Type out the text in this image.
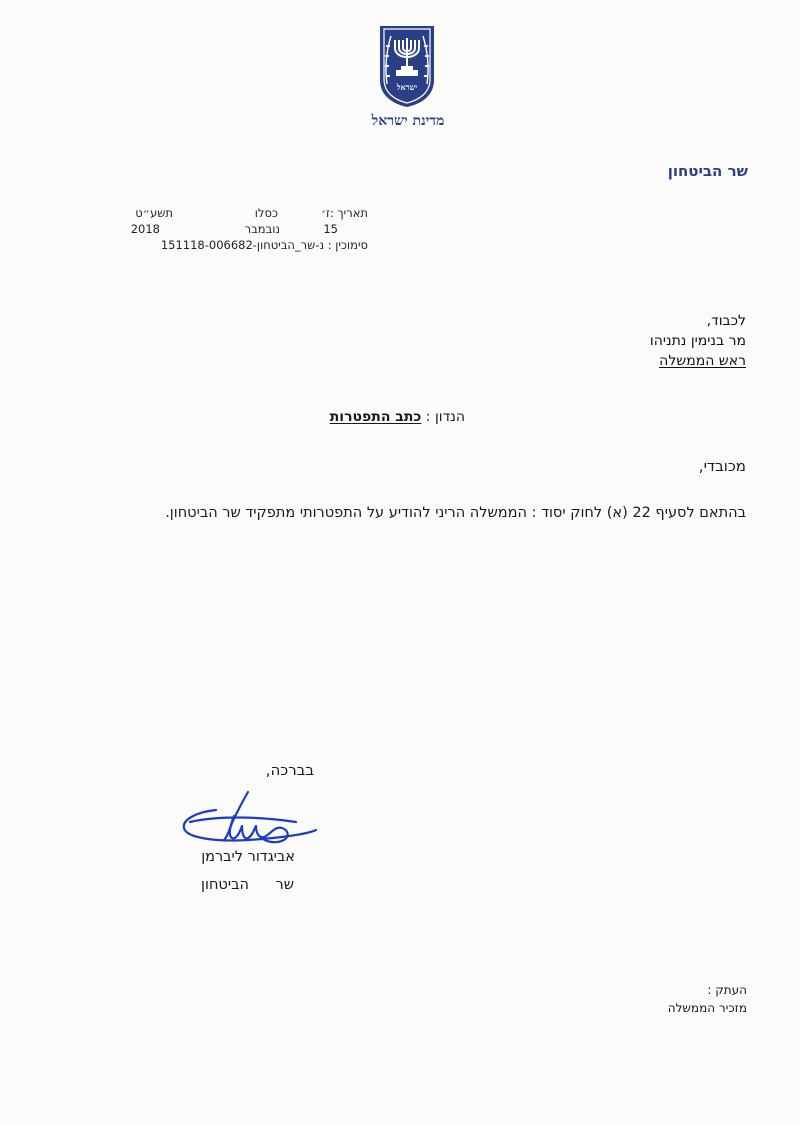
ישראל
מדינת ישראל
שר הביטחון
תאריך :ז׳
כסלו
תשע״ט
15
נובמבר
2018
סימוכין : נ-שר_הביטחון-151118-006682
לכבוד,
מר בנימין נתניהו
ראש הממשלה
הנדון : כתב התפטרות
מכובדי,
בהתאם לסעיף 22 (א) לחוק יסוד : הממשלה הריני להודיע על התפטרותי מתפקיד שר הביטחון.
בברכה,
אביגדור ליברמן
שר הביטחון
העתק :
מזכיר הממשלה
